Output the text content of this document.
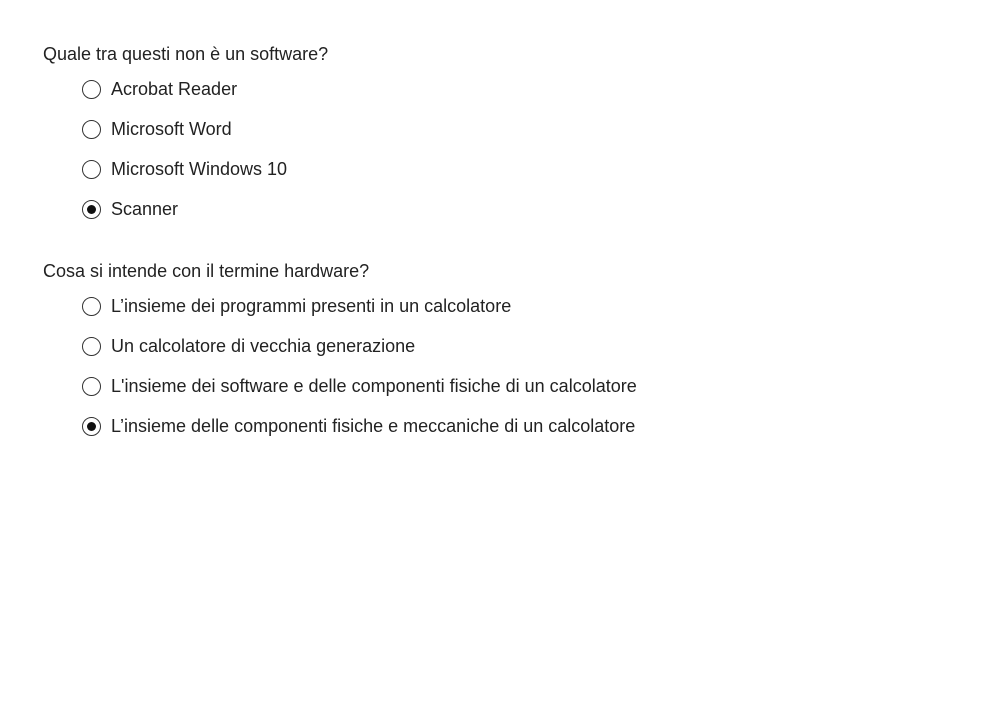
Quale tra questi non è un software?

Acrobat Reader
Microsoft Word
Microsoft Windows 10
Scanner

Cosa si intende con il termine hardware?

L’insieme dei programmi presenti in un calcolatore
Un calcolatore di vecchia generazione
L'insieme dei software e delle componenti fisiche di un calcolatore
L’insieme delle componenti fisiche e meccaniche di un calcolatore
